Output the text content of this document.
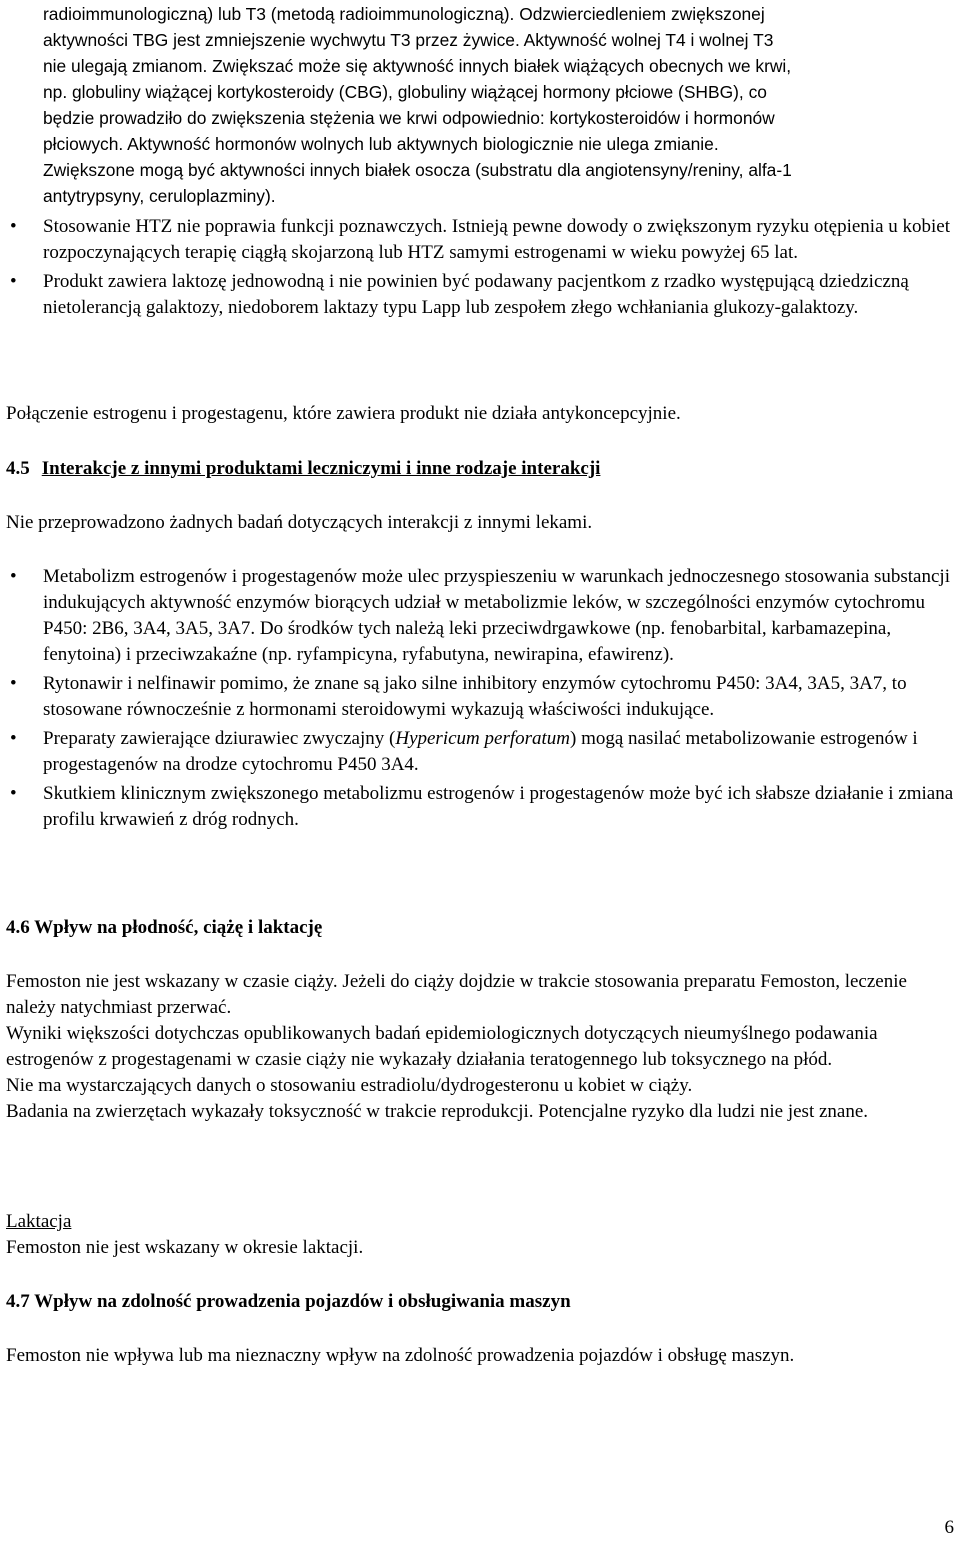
radioimmunologiczną) lub T3 (metodą radioimmunologiczną). Odzwierciedleniem zwiększonej
aktywności TBG jest zmniejszenie wychwytu T3 przez żywice. Aktywność wolnej T4 i wolnej T3
nie ulegają zmianom. Zwiększać może się aktywność innych białek wiążących obecnych we krwi,
np. globuliny wiążącej kortykosteroidy (CBG), globuliny wiążącej hormony płciowe (SHBG), co
będzie prowadziło do zwiększenia stężenia we krwi odpowiednio: kortykosteroidów i hormonów
płciowych. Aktywność hormonów wolnych lub aktywnych biologicznie nie ulega zmianie.
Zwiększone mogą być aktywności innych białek osocza (substratu dla angiotensyny/reniny, alfa-1
antytrypsyny, ceruloplazminy).
•	Stosowanie HTZ nie poprawia funkcji poznawczych. Istnieją pewne dowody o zwiększonym ryzyku otępienia u kobiet rozpoczynających terapię ciągłą skojarzoną lub HTZ samymi estrogenami w wieku powyżej 65 lat.
•	Produkt zawiera laktozę jednowodną i nie powinien być podawany pacjentkom z rzadko występującą dziedziczną nietolerancją galaktozy, niedoborem laktazy typu Lapp lub zespołem złego wchłaniania glukozy-galaktozy.

Połączenie estrogenu i progestagenu, które zawiera produkt nie działa antykoncepcyjnie.

4.5 Interakcje z innymi produktami leczniczymi i inne rodzaje interakcji

Nie przeprowadzono żadnych badań dotyczących interakcji z innymi lekami.

•	Metabolizm estrogenów i progestagenów może ulec przyspieszeniu w warunkach jednoczesnego stosowania substancji indukujących aktywność enzymów biorących udział w metabolizmie leków, w szczególności enzymów cytochromu P450: 2B6, 3A4, 3A5, 3A7. Do środków tych należą leki przeciwdrgawkowe (np. fenobarbital, karbamazepina, fenytoina) i przeciwzakaźne (np. ryfampicyna, ryfabutyna, newirapina, efawirenz).
•	Rytonawir i nelfinawir pomimo, że znane są jako silne inhibitory enzymów cytochromu P450: 3A4, 3A5, 3A7, to stosowane równocześnie z hormonami steroidowymi wykazują właściwości indukujące.
•	Preparaty zawierające dziurawiec zwyczajny (Hypericum perforatum) mogą nasilać metabolizowanie estrogenów i progestagenów na drodze cytochromu P450 3A4.
•	Skutkiem klinicznym zwiększonego metabolizmu estrogenów i progestagenów może być ich słabsze działanie i zmiana profilu krwawień z dróg rodnych.

4.6 Wpływ na płodność, ciążę i laktację

Femoston nie jest wskazany w czasie ciąży. Jeżeli do ciąży dojdzie w trakcie stosowania preparatu Femoston, leczenie należy natychmiast przerwać.

Wyniki większości dotychczas opublikowanych badań epidemiologicznych dotyczących nieumyślnego podawania estrogenów z progestagenami w czasie ciąży nie wykazały działania teratogennego lub toksycznego na płód.

Nie ma wystarczających danych o stosowaniu estradiolu/dydrogesteronu u kobiet w ciąży.

Badania na zwierzętach wykazały toksyczność w trakcie reprodukcji. Potencjalne ryzyko dla ludzi nie jest znane.

Laktacja

Femoston nie jest wskazany w okresie laktacji.

4.7 Wpływ na zdolność prowadzenia pojazdów i obsługiwania maszyn

Femoston nie wpływa lub ma nieznaczny wpływ na zdolność prowadzenia pojazdów i obsługę maszyn.

6
